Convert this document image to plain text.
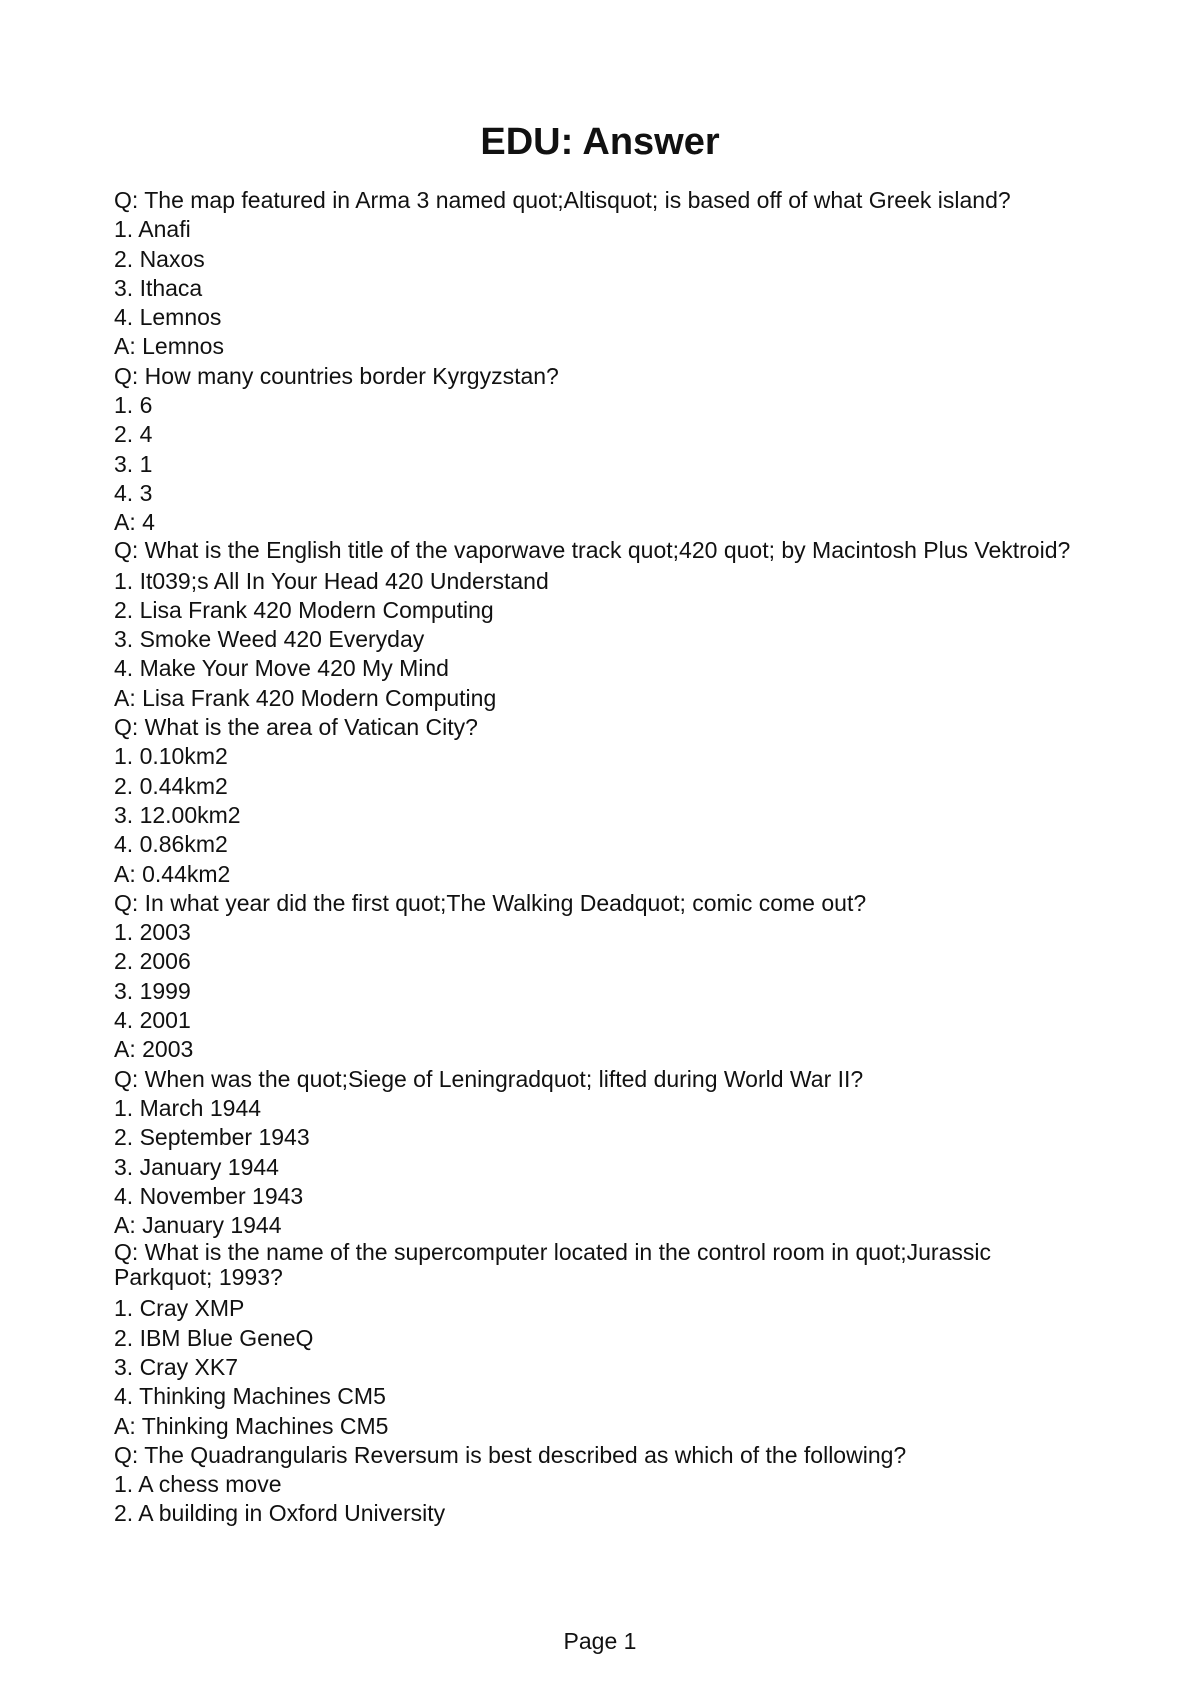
EDU: Answer
Q: The map featured in Arma 3 named quot;Altisquot; is based off of what Greek island?
1. Anafi
2. Naxos
3. Ithaca
4. Lemnos
A: Lemnos
Q: How many countries border Kyrgyzstan?
1. 6
2. 4
3. 1
4. 3
A: 4
Q: What is the English title of the vaporwave track quot;420 quot; by Macintosh Plus Vektroid?
1. It039;s All In Your Head 420 Understand
2. Lisa Frank 420 Modern Computing
3. Smoke Weed 420 Everyday
4. Make Your Move 420 My Mind
A: Lisa Frank 420 Modern Computing
Q: What is the area of Vatican City?
1. 0.10km2
2. 0.44km2
3. 12.00km2
4. 0.86km2
A: 0.44km2
Q: In what year did the first quot;The Walking Deadquot; comic come out?
1. 2003
2. 2006
3. 1999
4. 2001
A: 2003
Q: When was the quot;Siege of Leningradquot; lifted during World War II?
1. March 1944
2. September 1943
3. January 1944
4. November 1943
A: January 1944
Q: What is the name of the supercomputer located in the control room in quot;Jurassic Parkquot; 1993?
1. Cray XMP
2. IBM Blue GeneQ
3. Cray XK7
4. Thinking Machines CM5
A: Thinking Machines CM5
Q: The Quadrangularis Reversum is best described as which of the following?
1. A chess move
2. A building in Oxford University
Page 1
